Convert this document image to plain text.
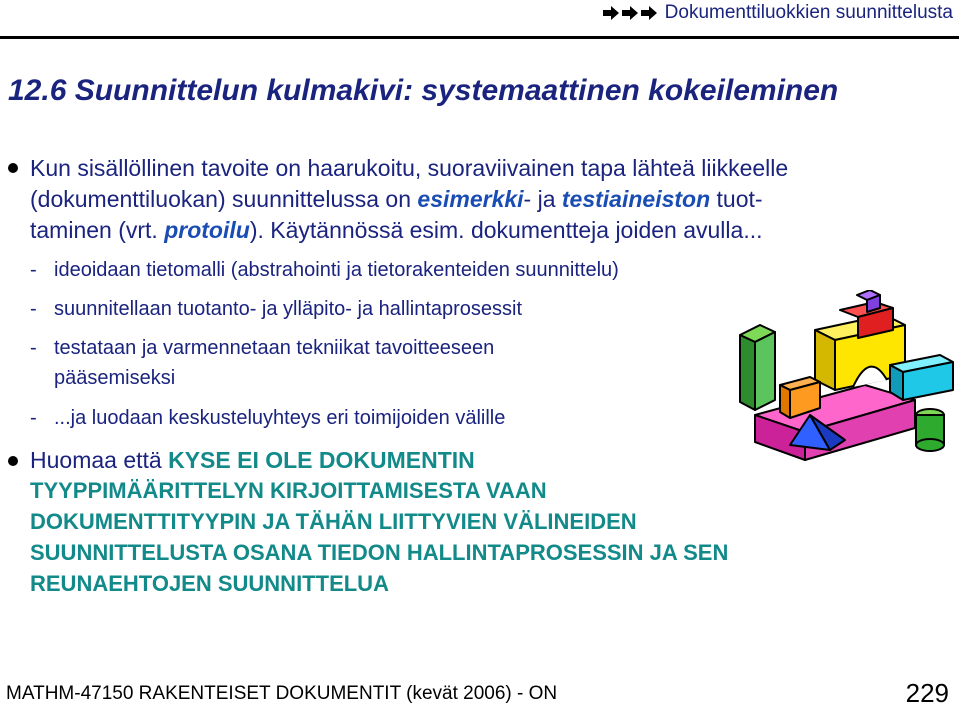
Dokumenttiluokkien suunnittelusta
12.6 Suunnittelun kulmakivi: systemaattinen kokeileminen
Kun sisällöllinen tavoite on haarukoitu, suoraviivainen tapa lähteä liikkeelle
(dokumenttiluokan) suunnittelussa on esimerkki- ja testiaineiston tuot-
taminen (vrt. protoilu). Käytännössä esim. dokumentteja joiden avulla...
- ideoidaan tietomalli (abstrahointi ja tietorakenteiden suunnittelu)
- suunnitellaan tuotanto- ja ylläpito- ja hallintaprosessit
- testataan ja varmennetaan tekniikat tavoitteeseen
pääsemiseksi
- ...ja luodaan keskusteluyhteys eri toimijoiden välille
Huomaa että KYSE EI OLE DOKUMENTIN
TYYPPIMÄÄRITTELYN KIRJOITTAMISESTA VAAN
DOKUMENTTITYYPIN JA TÄHÄN LIITTYVIEN VÄLINEIDEN
SUUNNITTELUSTA OSANA TIEDON HALLINTAPROSESSIN JA SEN
REUNAEHTOJEN SUUNNITTELUA
MATHM-47150 RAKENTEISET DOKUMENTIT (kevät 2006) - ON	229
